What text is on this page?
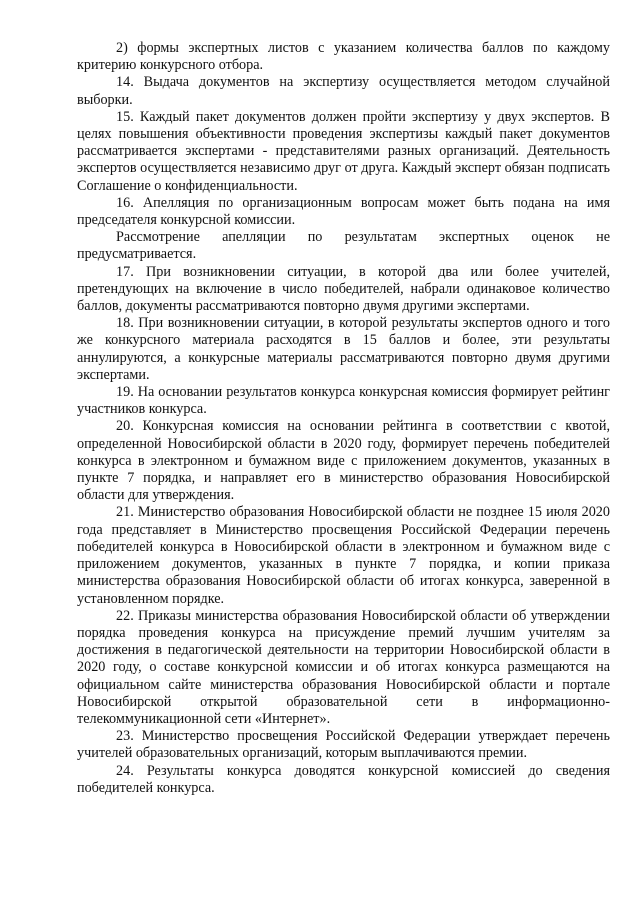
2) формы экспертных листов с указанием количества баллов по каждому критерию конкурсного отбора.

14. Выдача документов на экспертизу осуществляется методом случайной выборки.

15. Каждый пакет документов должен пройти экспертизу у двух экспертов. В целях повышения объективности проведения экспертизы каждый пакет документов рассматривается экспертами - представителями разных организаций. Деятельность экспертов осуществляется независимо друг от друга. Каждый эксперт обязан подписать Соглашение о конфиденциальности.

16. Апелляция по организационным вопросам может быть подана на имя председателя конкурсной комиссии.

Рассмотрение апелляции по результатам экспертных оценок не предусматривается.

17. При возникновении ситуации, в которой два или более учителей, претендующих на включение в число победителей, набрали одинаковое количество баллов, документы рассматриваются повторно двумя другими экспертами.

18. При возникновении ситуации, в которой результаты экспертов одного и того же конкурсного материала расходятся в 15 баллов и более, эти результаты аннулируются, а конкурсные материалы рассматриваются повторно двумя другими экспертами.

19. На основании результатов конкурса конкурсная комиссия формирует рейтинг участников конкурса.

20. Конкурсная комиссия на основании рейтинга в соответствии с квотой, определенной Новосибирской области в 2020 году, формирует перечень победителей конкурса в электронном и бумажном виде с приложением документов, указанных в пункте 7 порядка, и направляет его в министерство образования Новосибирской области для утверждения.

21. Министерство образования Новосибирской области не позднее 15 июля 2020 года представляет в Министерство просвещения Российской Федерации перечень победителей конкурса в Новосибирской области в электронном и бумажном виде с приложением документов, указанных в пункте 7 порядка, и копии приказа министерства образования Новосибирской области об итогах конкурса, заверенной в установленном порядке.

22. Приказы министерства образования Новосибирской области об утверждении порядка проведения конкурса на присуждение премий лучшим учителям за достижения в педагогической деятельности на территории Новосибирской области в 2020 году, о составе конкурсной комиссии и об итогах конкурса размещаются на официальном сайте министерства образования Новосибирской области и портале Новосибирской открытой образовательной сети в информационно-телекоммуникационной сети «Интернет».

23. Министерство просвещения Российской Федерации утверждает перечень учителей образовательных организаций, которым выплачиваются премии.

24. Результаты конкурса доводятся конкурсной комиссией до сведения победителей конкурса.
